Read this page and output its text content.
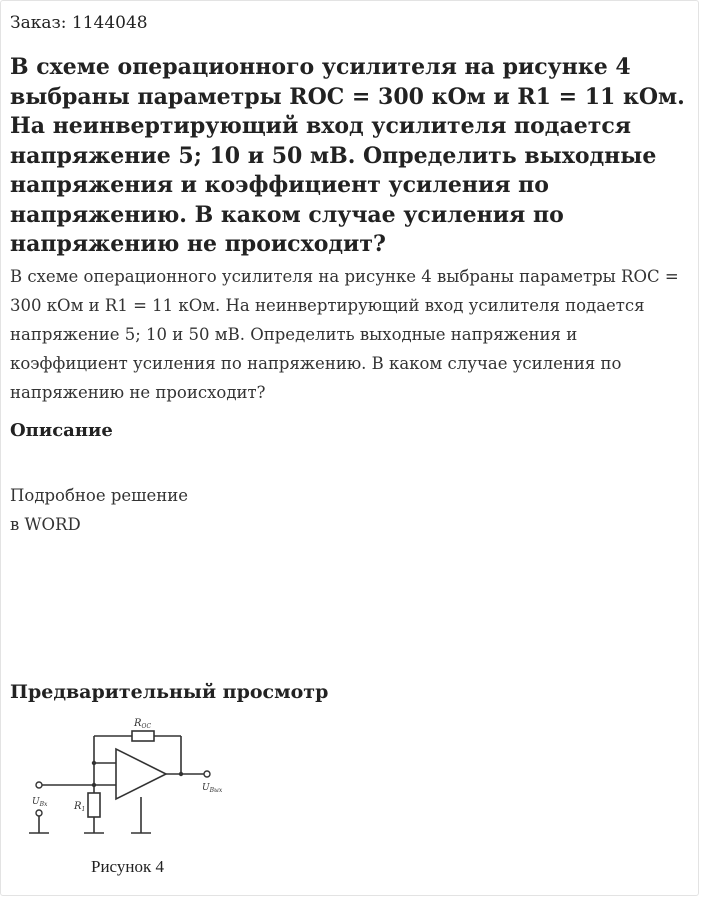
Заказ: 1144048
В схеме операционного усилителя на рисунке 4 выбраны параметры ROC = 300 кОм и R1 = 11 кОм. На неинвертирующий вход усилителя подается напряжение 5; 10 и 50 мВ. Определить выходные напряжения и коэффициент усиления по напряжению. В каком случае усиления по напряжению не происходит?

В схеме операционного усилителя на рисунке 4 выбраны параметры ROC = 300 кОм и R1 = 11 кОм. На неинвертирующий вход усилителя подается напряжение 5; 10 и 50 мВ. Определить выходные напряжения и коэффициент усиления по напряжению. В каком случае усиления по напряжению не происходит?

Описание
Подробное решение
в WORD
Предварительный просмотр
$R_{ОС}$
$R_1$
$U_{Вх}$
$U_{Вых}$
Рисунок 4
